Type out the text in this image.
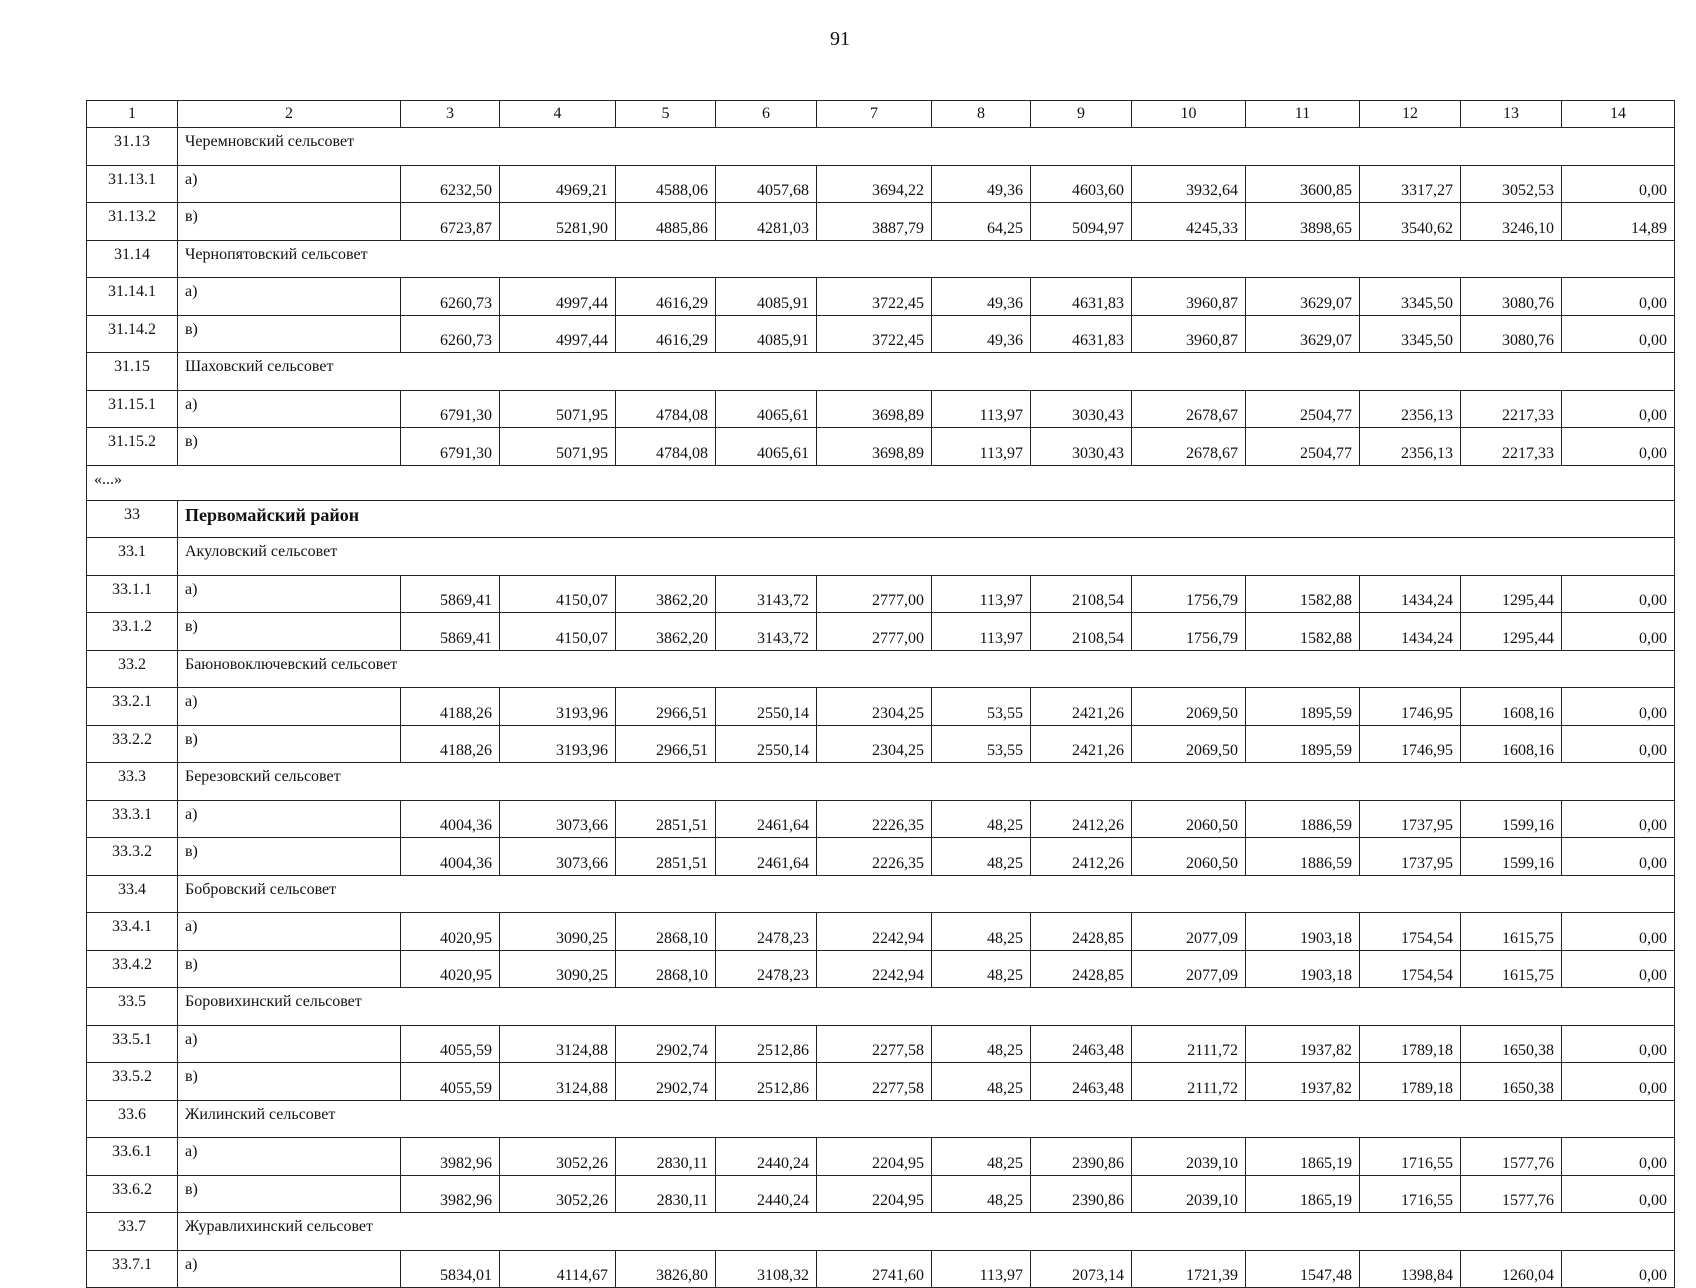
91
1	2	3	4	5	6	7	8	9	10	11	12	13	14
31.13	Черемновский сельсовет												
31.13.1	а)	6232,50	4969,21	4588,06	4057,68	3694,22	49,36	4603,60	3932,64	3600,85	3317,27	3052,53	0,00
31.13.2	в)	6723,87	5281,90	4885,86	4281,03	3887,79	64,25	5094,97	4245,33	3898,65	3540,62	3246,10	14,89
31.14	Чернопятовский сельсовет												
31.14.1	а)	6260,73	4997,44	4616,29	4085,91	3722,45	49,36	4631,83	3960,87	3629,07	3345,50	3080,76	0,00
31.14.2	в)	6260,73	4997,44	4616,29	4085,91	3722,45	49,36	4631,83	3960,87	3629,07	3345,50	3080,76	0,00
31.15	Шаховский сельсовет												
31.15.1	а)	6791,30	5071,95	4784,08	4065,61	3698,89	113,97	3030,43	2678,67	2504,77	2356,13	2217,33	0,00
31.15.2	в)	6791,30	5071,95	4784,08	4065,61	3698,89	113,97	3030,43	2678,67	2504,77	2356,13	2217,33	0,00
«...»													
33	Первомайский район												
33.1	Акуловский сельсовет												
33.1.1	а)	5869,41	4150,07	3862,20	3143,72	2777,00	113,97	2108,54	1756,79	1582,88	1434,24	1295,44	0,00
33.1.2	в)	5869,41	4150,07	3862,20	3143,72	2777,00	113,97	2108,54	1756,79	1582,88	1434,24	1295,44	0,00
33.2	Баюновоключевский сельсовет												
33.2.1	а)	4188,26	3193,96	2966,51	2550,14	2304,25	53,55	2421,26	2069,50	1895,59	1746,95	1608,16	0,00
33.2.2	в)	4188,26	3193,96	2966,51	2550,14	2304,25	53,55	2421,26	2069,50	1895,59	1746,95	1608,16	0,00
33.3	Березовский сельсовет												
33.3.1	а)	4004,36	3073,66	2851,51	2461,64	2226,35	48,25	2412,26	2060,50	1886,59	1737,95	1599,16	0,00
33.3.2	в)	4004,36	3073,66	2851,51	2461,64	2226,35	48,25	2412,26	2060,50	1886,59	1737,95	1599,16	0,00
33.4	Бобровский сельсовет												
33.4.1	а)	4020,95	3090,25	2868,10	2478,23	2242,94	48,25	2428,85	2077,09	1903,18	1754,54	1615,75	0,00
33.4.2	в)	4020,95	3090,25	2868,10	2478,23	2242,94	48,25	2428,85	2077,09	1903,18	1754,54	1615,75	0,00
33.5	Боровихинский сельсовет												
33.5.1	а)	4055,59	3124,88	2902,74	2512,86	2277,58	48,25	2463,48	2111,72	1937,82	1789,18	1650,38	0,00
33.5.2	в)	4055,59	3124,88	2902,74	2512,86	2277,58	48,25	2463,48	2111,72	1937,82	1789,18	1650,38	0,00
33.6	Жилинский сельсовет												
33.6.1	а)	3982,96	3052,26	2830,11	2440,24	2204,95	48,25	2390,86	2039,10	1865,19	1716,55	1577,76	0,00
33.6.2	в)	3982,96	3052,26	2830,11	2440,24	2204,95	48,25	2390,86	2039,10	1865,19	1716,55	1577,76	0,00
33.7	Журавлихинский сельсовет												
33.7.1	а)	5834,01	4114,67	3826,80	3108,32	2741,60	113,97	2073,14	1721,39	1547,48	1398,84	1260,04	0,00
